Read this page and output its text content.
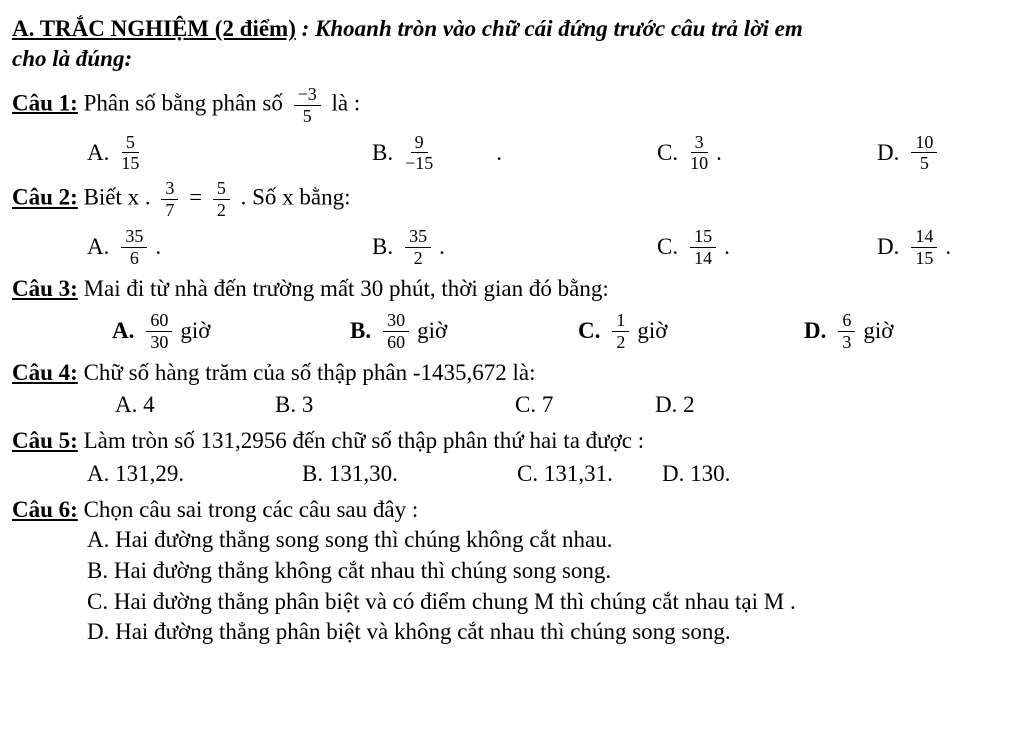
A. TRẮC NGHIỆM (2 điểm) : Khoanh tròn vào chữ cái đứng trước câu trả lời em
cho là đúng:

Câu 1: Phân số bằng phân số $\frac{-3}{5}$ là :

A. $\frac{5}{15}$	B. $\frac{9}{-15}$	.	C. $\frac{3}{10}$ .	D. $\frac{10}{5}$

Câu 2: Biết x . $\frac{3}{7} = \frac{5}{2}$ . Số x bằng:

A. $\frac{35}{6}$ .	B. $\frac{35}{2}$ .	C. $\frac{15}{14}$ .	D. $\frac{14}{15}$ .

Câu 3: Mai đi từ nhà đến trường mất 30 phút, thời gian đó bằng:

A. $\frac{60}{30}$ giờ	B. $\frac{30}{60}$ giờ	C. $\frac{1}{2}$ giờ	D. $\frac{6}{3}$ giờ

Câu 4: Chữ số hàng trăm của số thập phân -1435,672 là:

A. 4	B. 3	C. 7	D. 2

Câu 5: Làm tròn số 131,2956 đến chữ số thập phân thứ hai ta được :

A. 131,29.	B. 131,30.	C. 131,31.	D. 130.

Câu 6: Chọn câu sai trong các câu sau đây :

A. Hai đường thẳng song song thì chúng không cắt nhau.
B. Hai đường thẳng không cắt nhau thì chúng song song.
C. Hai đường thẳng phân biệt và có điểm chung M thì chúng cắt nhau tại M .
D. Hai đường thẳng phân biệt và không cắt nhau thì chúng song song.
